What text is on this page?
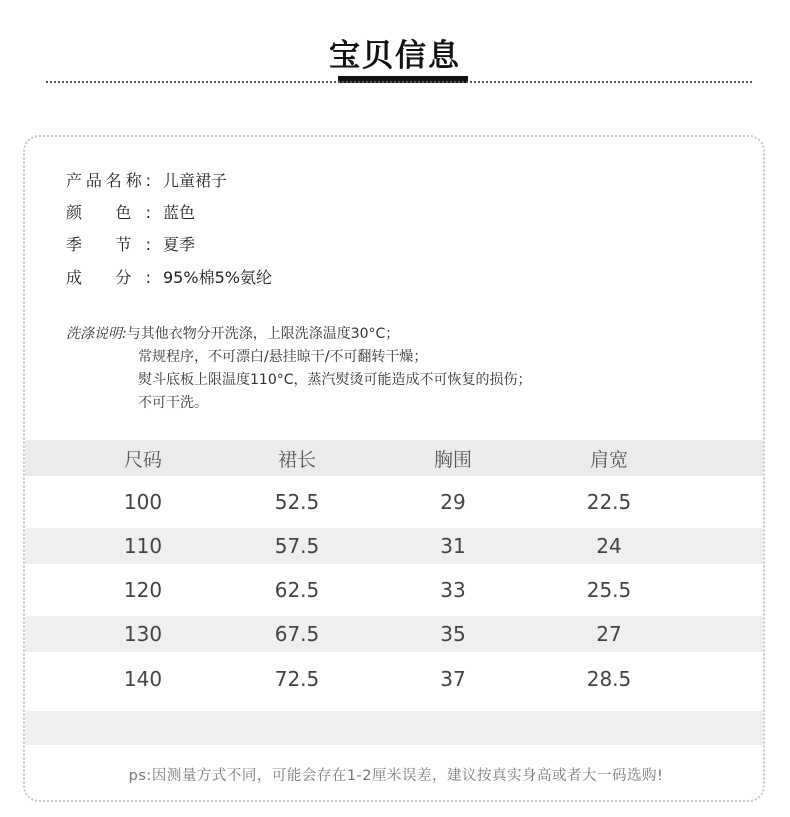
宝贝信息
产品名称: 儿童裙子
颜 色: 蓝色
季 节: 夏季
成 分: 95%棉5%氨纶
洗涤说明:与其他衣物分开洗涤，上限洗涤温度30°C；
常规程序，不可漂白/悬挂晾干/不可翻转干燥；
熨斗底板上限温度110°C，蒸汽熨烫可能造成不可恢复的损伤；
不可干洗。
尺码	裙长	胸围	肩宽
100	52.5	29	22.5
110	57.5	31	24
120	62.5	33	25.5
130	67.5	35	27
140	72.5	37	28.5
ps:因测量方式不同，可能会存在1-2厘米误差，建议按真实身高或者大一码选购!
